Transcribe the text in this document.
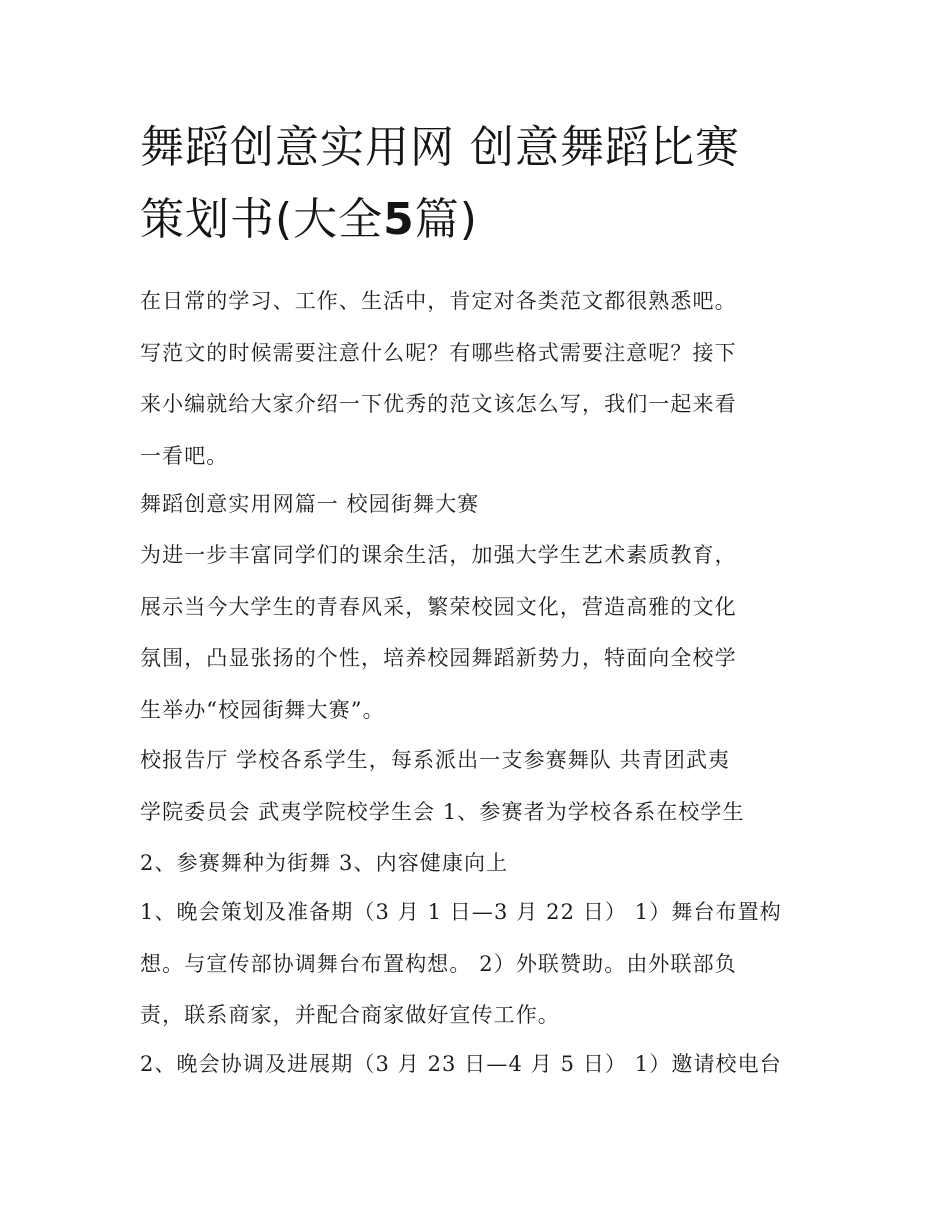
舞蹈创意实用网 创意舞蹈比赛
策划书(大全5篇)

在日常的学习、工作、生活中，肯定对各类范文都很熟悉吧。
写范文的时候需要注意什么呢？有哪些格式需要注意呢？接下
来小编就给大家介绍一下优秀的范文该怎么写，我们一起来看
一看吧。

舞蹈创意实用网篇一 校园街舞大赛

为进一步丰富同学们的课余生活，加强大学生艺术素质教育，
展示当今大学生的青春风采，繁荣校园文化，营造高雅的文化
氛围，凸显张扬的个性，培养校园舞蹈新势力，特面向全校学
生举办“校园街舞大赛”。

校报告厅 学校各系学生，每系派出一支参赛舞队 共青团武夷
学院委员会 武夷学院校学生会 1、参赛者为学校各系在校学生
2、参赛舞种为街舞 3、内容健康向上

1、晚会策划及准备期（3 月 1 日—3 月 22 日） 1）舞台布置构
想。与宣传部协调舞台布置构想。 2）外联赞助。由外联部负
责，联系商家，并配合商家做好宣传工作。

2、晚会协调及进展期（3 月 23 日—4 月 5 日） 1）邀请校电台
